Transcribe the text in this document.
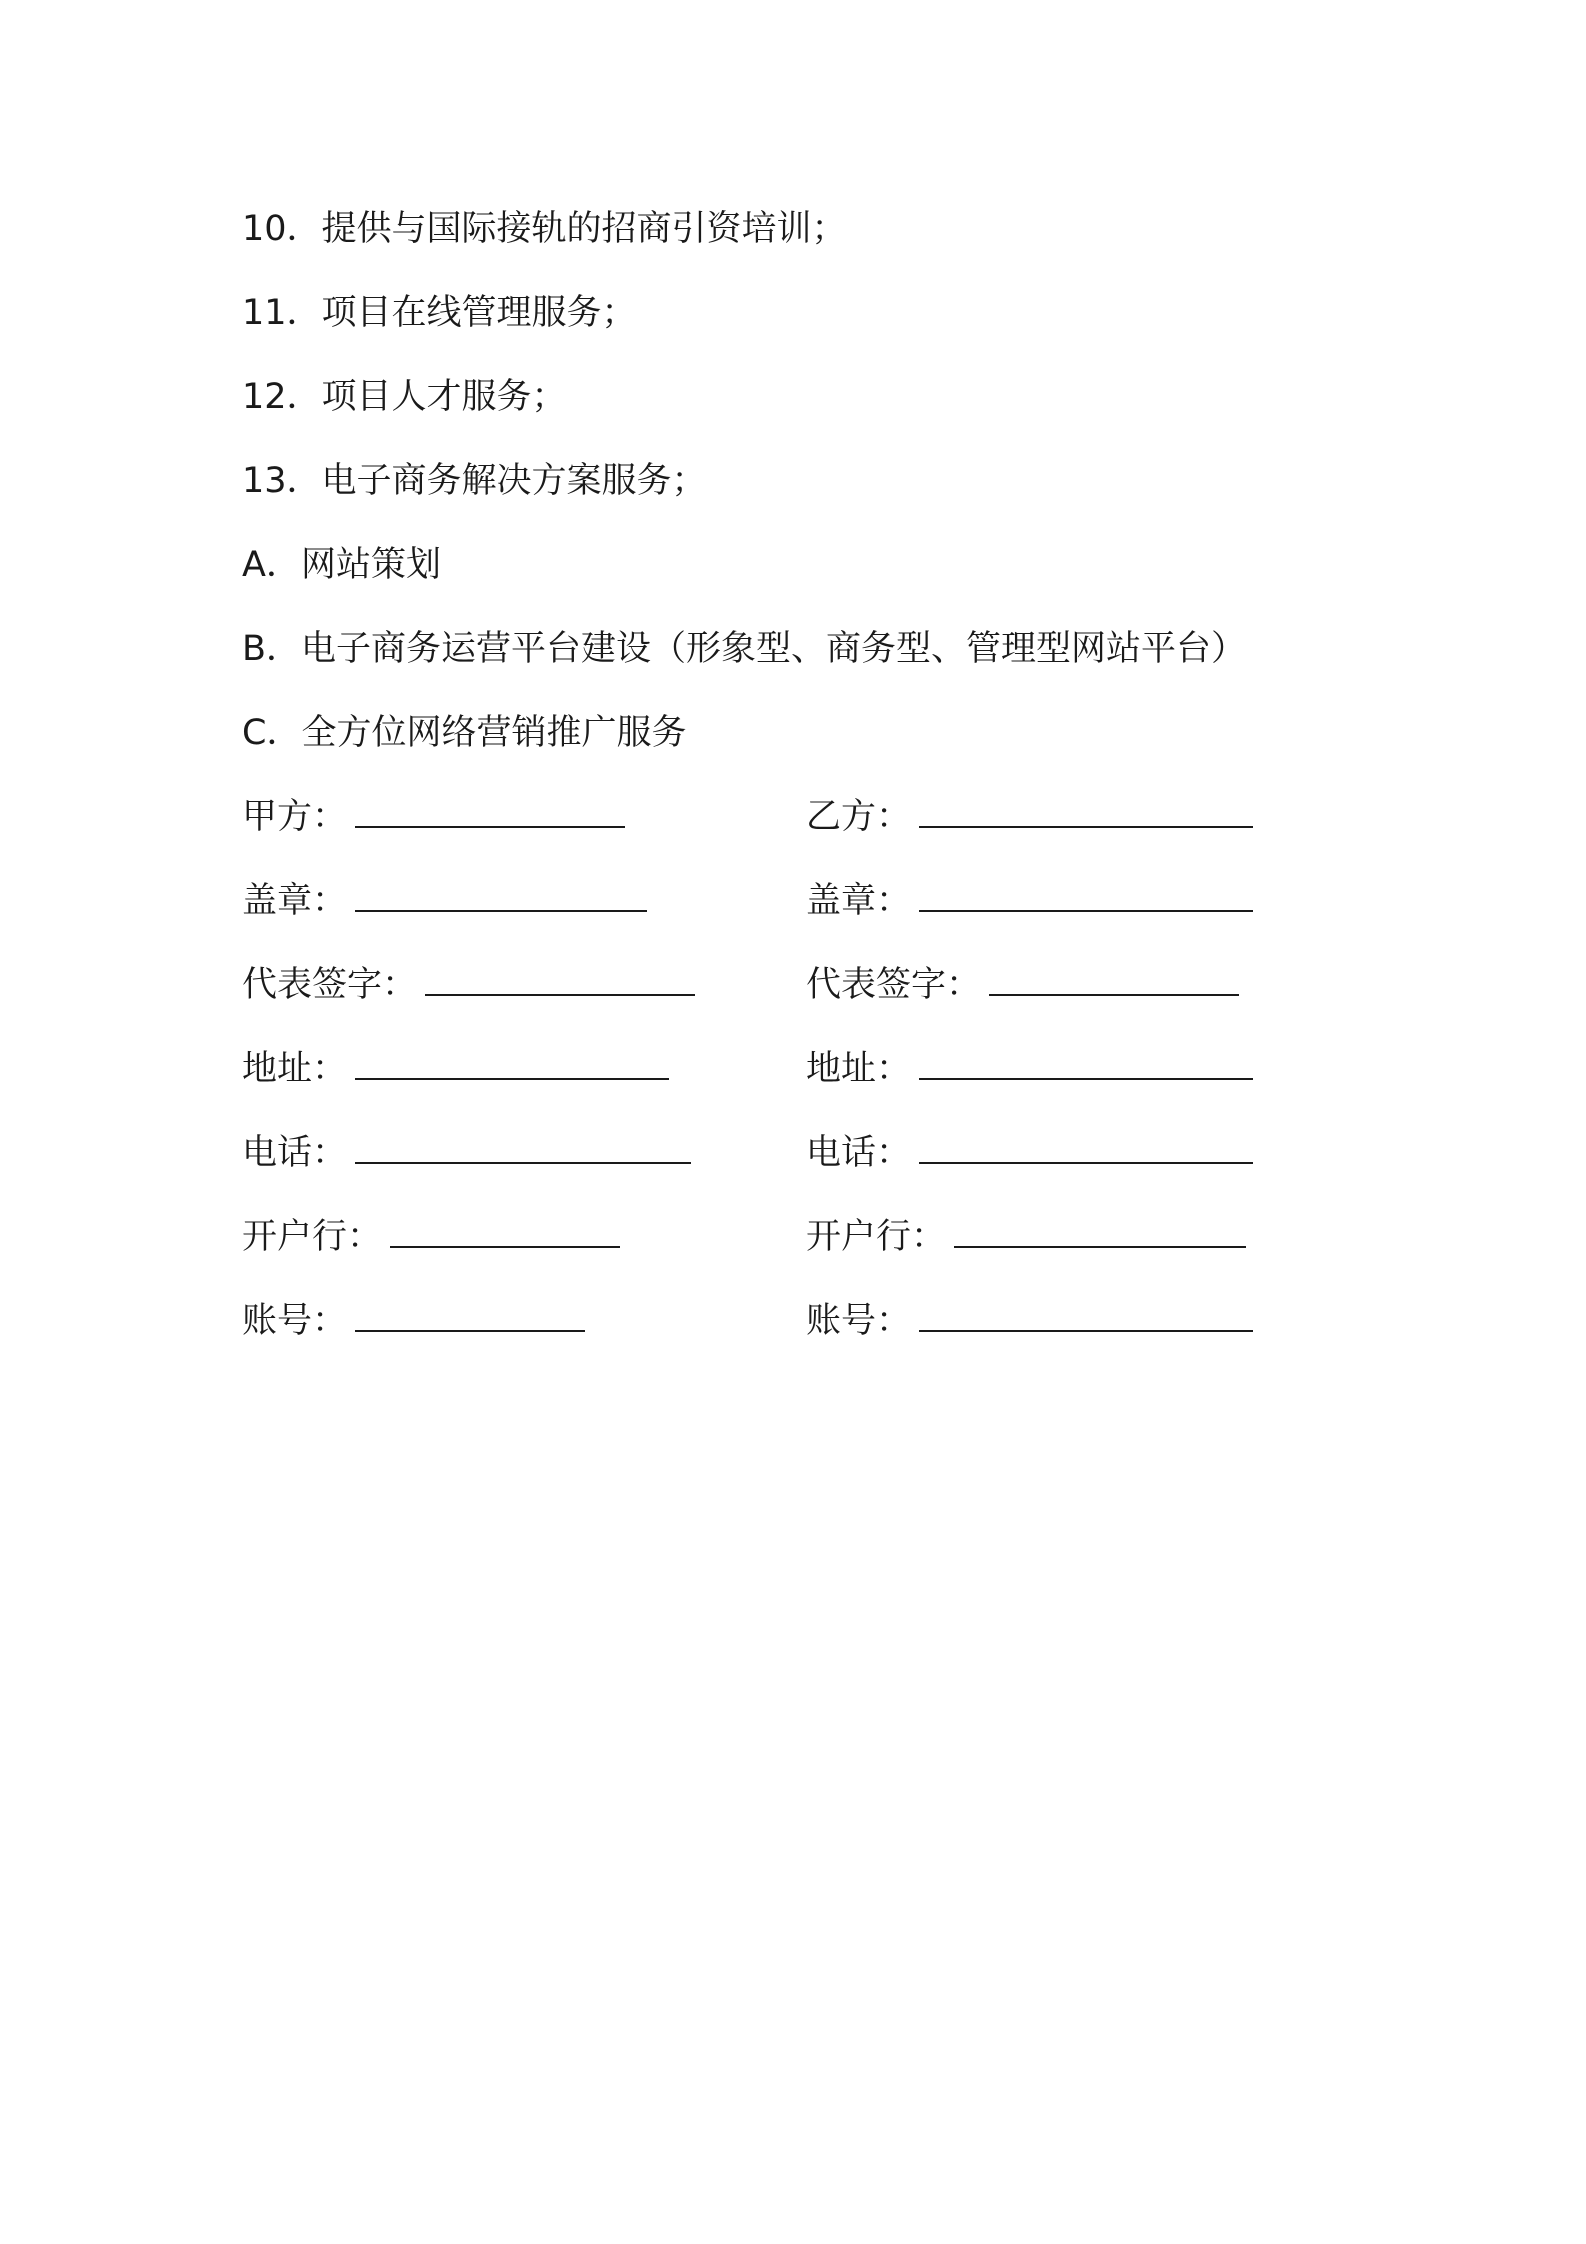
10．提供与国际接轨的招商引资培训；
11．项目在线管理服务；
12．项目人才服务；
13．电子商务解决方案服务；
A．网站策划
B．电子商务运营平台建设（形象型、商务型、管理型网站平台）
C．全方位网络营销推广服务
甲方：	乙方：
盖章：	盖章：
代表签字：	代表签字：
地址：	地址：
电话：	电话：
开户行：	开户行：
账号：	账号：
